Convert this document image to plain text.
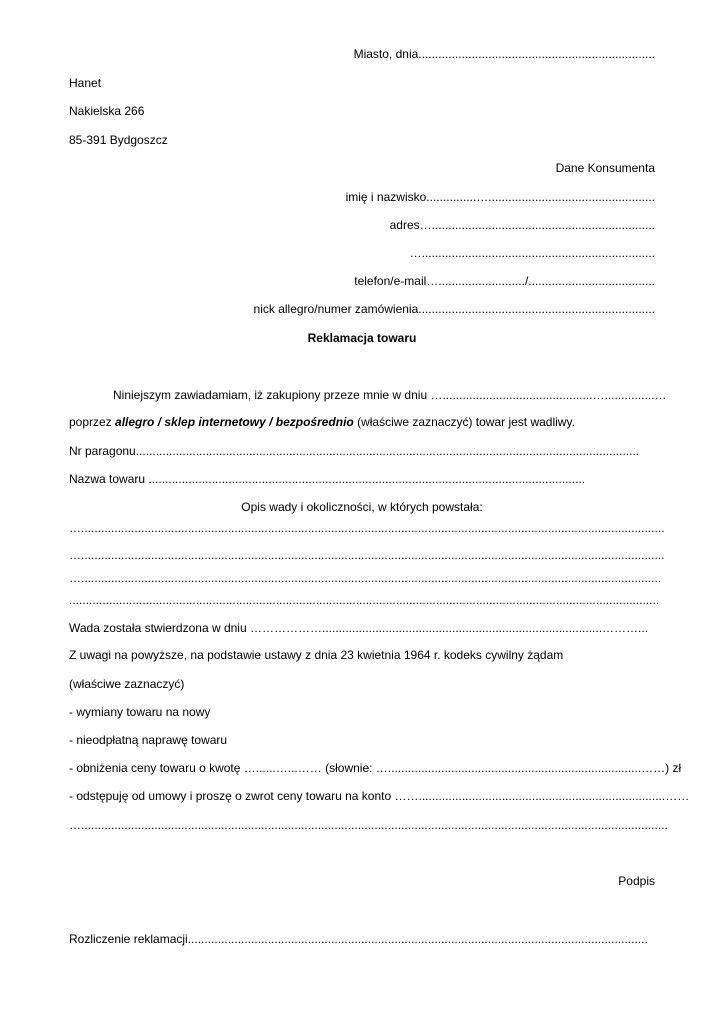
Miasto, dnia.......................................................................
Hanet
Nakielska 266
85-391 Bydgoszcz
Dane Konsumenta
imię i nazwisko...............…..................................................
adres…...................................................................
…......................................................................
telefon/e-mail…........................../......................................
nick allegro/numer zamówienia.......................................................................
Reklamacja towaru
Niniejszym zawiadamiam, iż zakupiony przeze mnie w dniu ….............................................…...............…
poprzez allegro / sklep internetowy / bezpośrednio (właściwe zaznaczyć) towar jest wadliwy.
Nr paragonu.......................................................................................................................................................
Nazwa towaru ...................................................................................................................................
Opis wady i okoliczności, w których powstała:
…...............................................................................................................................................................................
…...............................................................................................................................................................................
…..............................................................................................................................................................................
.................................................................................................................................................................................
Wada została stwierdzona w dniu ………………....................................................................................………...
Z uwagi na powyższe, na podstawie ustawy z dnia 23 kwietnia 1964 r. kodeks cywilny żądam
(właściwe zaznaczyć)
- wymiany towaru na nowy
- nieodpłatną naprawę towaru
- obniżenia ceny towaru o kwotę …......…...…… (słownie: …............................................................................……) zł
- odstępuję od umowy i proszę o zwrot ceny towaru na konto ……..........................................................................……
…................................................................................................................................................................................
Podpis
Rozliczenie reklamacji..........................................................................................................................................
